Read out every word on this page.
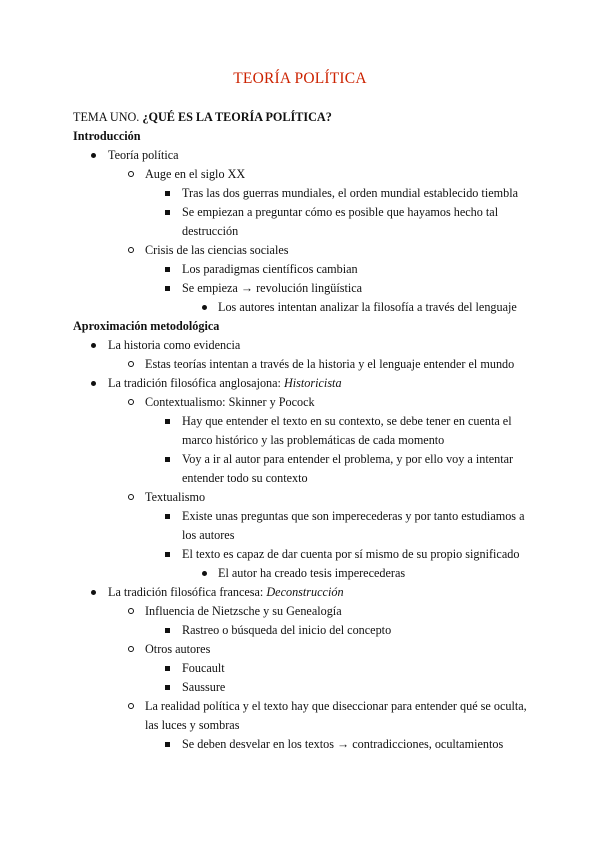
TEORÍA POLÍTICA

TEMA UNO. ¿QUÉ ES LA TEORÍA POLÍTICA?

Introducción

Teoría política
Auge en el siglo XX
Tras las dos guerras mundiales, el orden mundial establecido tiembla
Se empiezan a preguntar cómo es posible que hayamos hecho tal destrucción
Crisis de las ciencias sociales
Los paradigmas científicos cambian
Se empieza → revolución lingüística
Los autores intentan analizar la filosofía a través del lenguaje

Aproximación metodológica

La historia como evidencia
Estas teorías intentan a través de la historia y el lenguaje entender el mundo
La tradición filosófica anglosajona: Historicista
Contextualismo: Skinner y Pocock
Hay que entender el texto en su contexto, se debe tener en cuenta el marco histórico y las problemáticas de cada momento
Voy a ir al autor para entender el problema, y por ello voy a intentar entender todo su contexto
Textualismo
Existe unas preguntas que son imperecederas y por tanto estudiamos a los autores
El texto es capaz de dar cuenta por sí mismo de su propio significado
El autor ha creado tesis imperecederas
La tradición filosófica francesa: Deconstrucción
Influencia de Nietzsche y su Genealogía
Rastreo o búsqueda del inicio del concepto
Otros autores
Foucault
Saussure
La realidad política y el texto hay que diseccionar para entender qué se oculta, las luces y sombras
Se deben desvelar en los textos → contradicciones, ocultamientos
